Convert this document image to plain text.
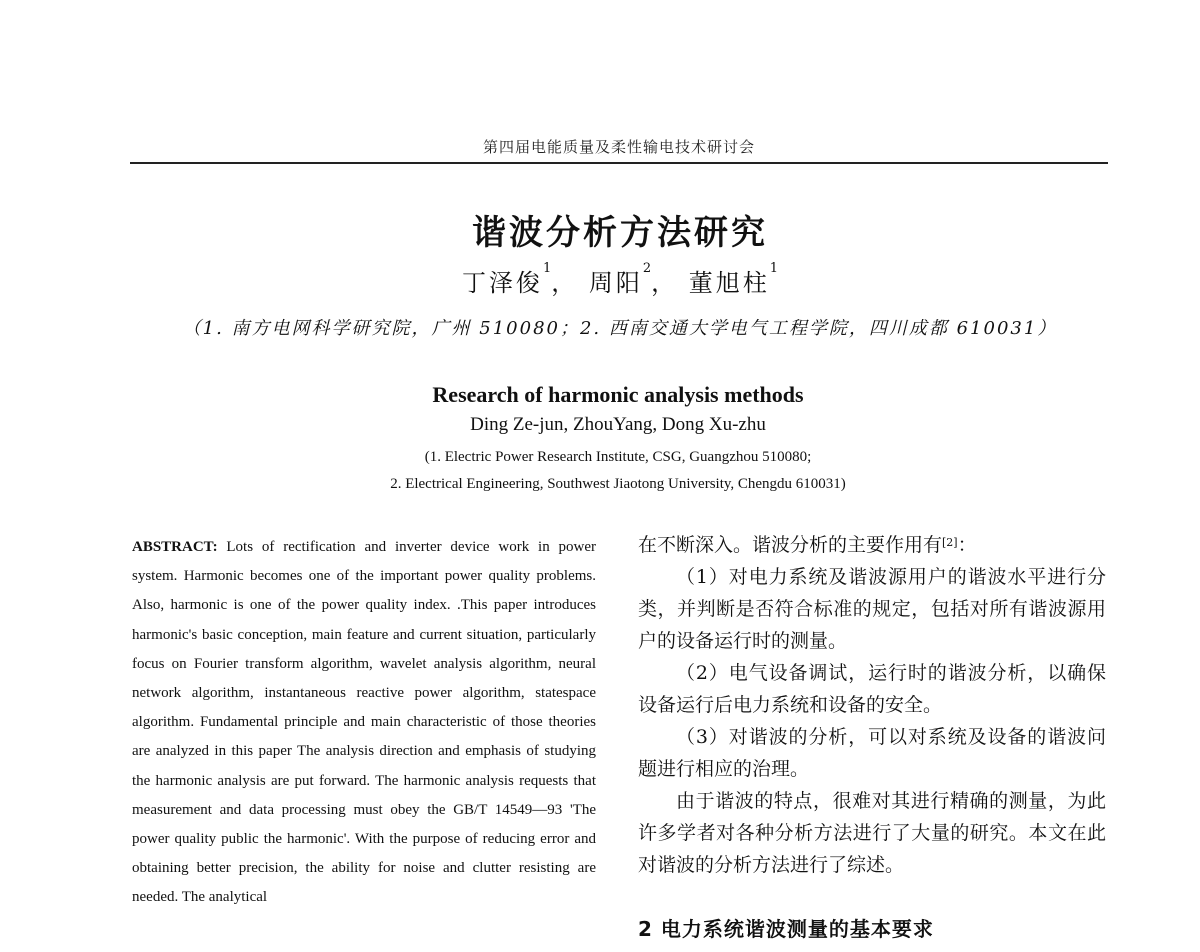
第四届电能质量及柔性输电技术研讨会
谐波分析方法研究
丁泽俊$^1$， 周阳$^2$， 董旭柱$^1$
（1. 南方电网科学研究院，广州 510080；2. 西南交通大学电气工程学院，四川成都 610031）
Research of harmonic analysis methods
Ding Ze-jun, ZhouYang, Dong Xu-zhu
(1. Electric Power Research Institute, CSG, Guangzhou 510080;
2. Electrical Engineering, Southwest Jiaotong University, Chengdu 610031)
ABSTRACT: Lots of rectification and inverter device work in power system. Harmonic becomes one of the important power quality problems. Also, harmonic is one of the power quality index. .This paper introduces harmonic's basic conception, main feature and current situation, particularly focus on Fourier transform algorithm, wavelet analysis algorithm, neural network algorithm, instantaneous reactive power algorithm, statespace algorithm. Fundamental principle and main characteristic of those theories are analyzed in this paper The analysis direction and emphasis of studying the harmonic analysis are put forward. The harmonic analysis requests that measurement and data processing must obey the GB/T 14549—93 'The power quality public the harmonic'. With the purpose of reducing error and obtaining better precision, the ability for noise and clutter resisting are needed. The analytical

在不断深入。谐波分析的主要作用有[2]：

（1）对电力系统及谐波源用户的谐波水平进行分类，并判断是否符合标准的规定，包括对所有谐波源用户的设备运行时的测量。

（2）电气设备调试，运行时的谐波分析，以确保设备运行后电力系统和设备的安全。

（3）对谐波的分析，可以对系统及设备的谐波问题进行相应的治理。

由于谐波的特点，很难对其进行精确的测量，为此许多学者对各种分析方法进行了大量的研究。本文在此对谐波的分析方法进行了综述。

2 电力系统谐波测量的基本要求
